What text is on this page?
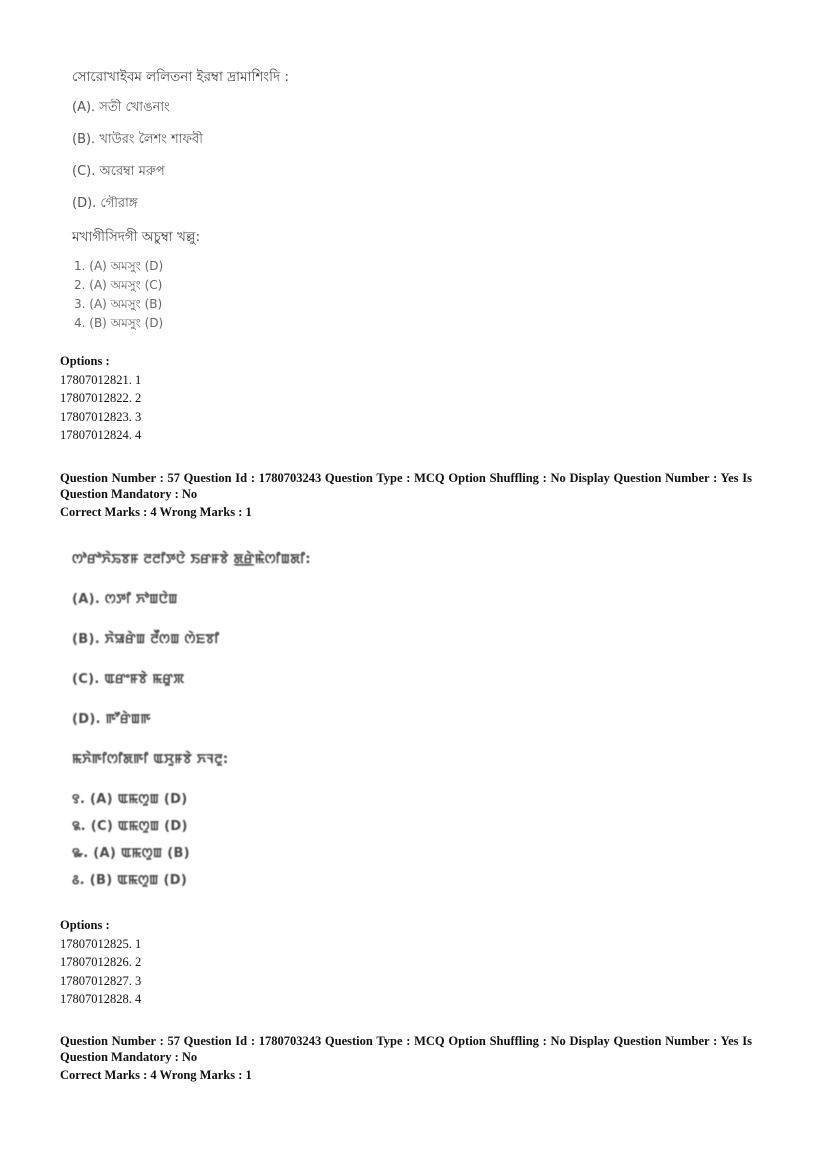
সোরোখাইবম ললিতনা ইরম্বা দ্রামাশিংদি :
(A). সতী খোঙনাং
(B). খাউরং লৈশং শাফবী
(C). অরেম্বা মরুপ
(D). গৌরাঙ্গ
মখাগীসিদগী অচুম্বা খল্লু:
1. (A) অমসুং (D)
2. (A) অমসুং (C)
3. (A) অমসুং (B)
4. (B) অমসুং (D)
Options :
17807012821. 1
17807012822. 2
17807012823. 3
17807012824. 4
Question Number : 57 Question Id : 1780703243 Question Type : MCQ Option Shuffling : No Display Question Number : Yes Is Question Mandatory : No
Correct Marks : 4 Wrong Marks : 1
ꯁꯣꯔꯣꯈꯥꯢꯕꯝ ꯂꯂꯤꯇꯅꯥ ꯏꯔꯝꯕꯥ ꯗ꯭ꯔꯥꯃꯥꯁꯤꯡꯗꯤ:
(A). ꯁꯇꯤ ꯈꯣꯡꯅꯥꯡ
(B). ꯈꯥꯎꯔꯥꯡ ꯂꯩꯁꯡ ꯁꯥꯐꯕꯤ
(C). ꯑꯔꯦꯝꯕꯥ ꯃꯔꯨꯞ
(D). ꯒꯧꯔꯥꯡꯒ
ꯃꯈꯥꯒꯤꯁꯤꯗꯒꯤ ꯑꯆꯨꯝꯕꯥ ꯈꯜꯂꯨ:
꯱. (A) ꯑꯃꯁꯨꯡ (D)
꯲. (C) ꯑꯃꯁꯨꯡ (D)
꯳. (A) ꯑꯃꯁꯨꯡ (B)
꯴. (B) ꯑꯃꯁꯨꯡ (D)
Options :
17807012825. 1
17807012826. 2
17807012827. 3
17807012828. 4
Question Number : 57 Question Id : 1780703243 Question Type : MCQ Option Shuffling : No Display Question Number : Yes Is Question Mandatory : No
Correct Marks : 4 Wrong Marks : 1
